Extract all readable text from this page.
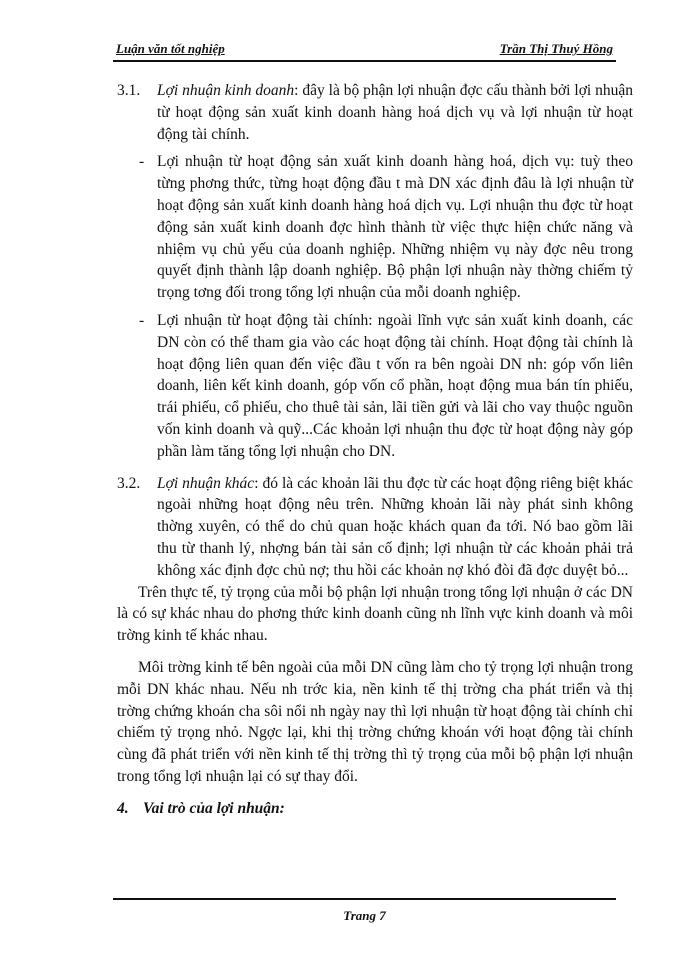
Luận văn tốt nghiệp	Trần Thị Thuý Hồng
3.1.	Lợi nhuận kinh doanh: đây là bộ phận lợi nhuận đợc cấu thành bởi lợi nhuận từ hoạt động sản xuất kinh doanh hàng hoá dịch vụ và lợi nhuận từ hoạt động tài chính.
- Lợi nhuận từ hoạt động sản xuất kinh doanh hàng hoá, dịch vụ: tuỳ theo từng phơng thức, từng hoạt động đầu t mà DN xác định đâu là lợi nhuận từ hoạt động sản xuất kinh doanh hàng hoá dịch vụ. Lợi nhuận thu đợc từ hoạt động sản xuất kinh doanh đợc hình thành từ việc thực hiện chức năng và nhiệm vụ chủ yếu của doanh nghiệp. Những nhiệm vụ này đợc nêu trong quyết định thành lập doanh nghiệp. Bộ phận lợi nhuận này thờng chiếm tỷ trọng tơng đối trong tổng lợi nhuận của mỗi doanh nghiệp.
- Lợi nhuận từ hoạt động tài chính: ngoài lĩnh vực sản xuất kinh doanh, các DN còn có thể tham gia vào các hoạt động tài chính. Hoạt động tài chính là hoạt động liên quan đến việc đầu t vốn ra bên ngoài DN nh: góp vốn liên doanh, liên kết kinh doanh, góp vốn cổ phần, hoạt động mua bán tín phiếu, trái phiếu, cổ phiếu, cho thuê tài sản, lãi tiền gửi và lãi cho vay thuộc nguồn vốn kinh doanh và quỹ...Các khoản lợi nhuận thu đợc từ hoạt động này góp phần làm tăng tổng lợi nhuận cho DN.
3.2.	Lợi nhuận khác: đó là các khoản lãi thu đợc từ các hoạt động riêng biệt khác ngoài những hoạt động nêu trên. Những khoản lãi này phát sinh không thờng xuyên, có thể do chủ quan hoặc khách quan đa tới. Nó bao gồm lãi thu từ thanh lý, nhợng bán tài sản cố định; lợi nhuận từ các khoản phải trả không xác định đợc chủ nợ; thu hồi các khoản nợ khó đòi đã đợc duyệt bỏ...

Trên thực tế, tỷ trọng của mỗi bộ phận lợi nhuận trong tổng lợi nhuận ở các DN là có sự khác nhau do phơng thức kinh doanh cũng nh lĩnh vực kinh doanh và môi trờng kinh tế khác nhau.

Môi trờng kinh tế bên ngoài của mỗi DN cũng làm cho tỷ trọng lợi nhuận trong mỗi DN khác nhau. Nếu nh trớc kia, nền kinh tế thị trờng cha phát triển và thị trờng chứng khoán cha sôi nổi nh ngày nay thì lợi nhuận từ hoạt động tài chính chỉ chiếm tỷ trọng nhỏ. Ngợc lại, khi thị trờng chứng khoán với hoạt động tài chính cùng đã phát triển với nền kinh tế thị trờng thì tỷ trọng của mỗi bộ phận lợi nhuận trong tổng lợi nhuận lại có sự thay đổi.

4. Vai trò của lợi nhuận:
Trang 7
